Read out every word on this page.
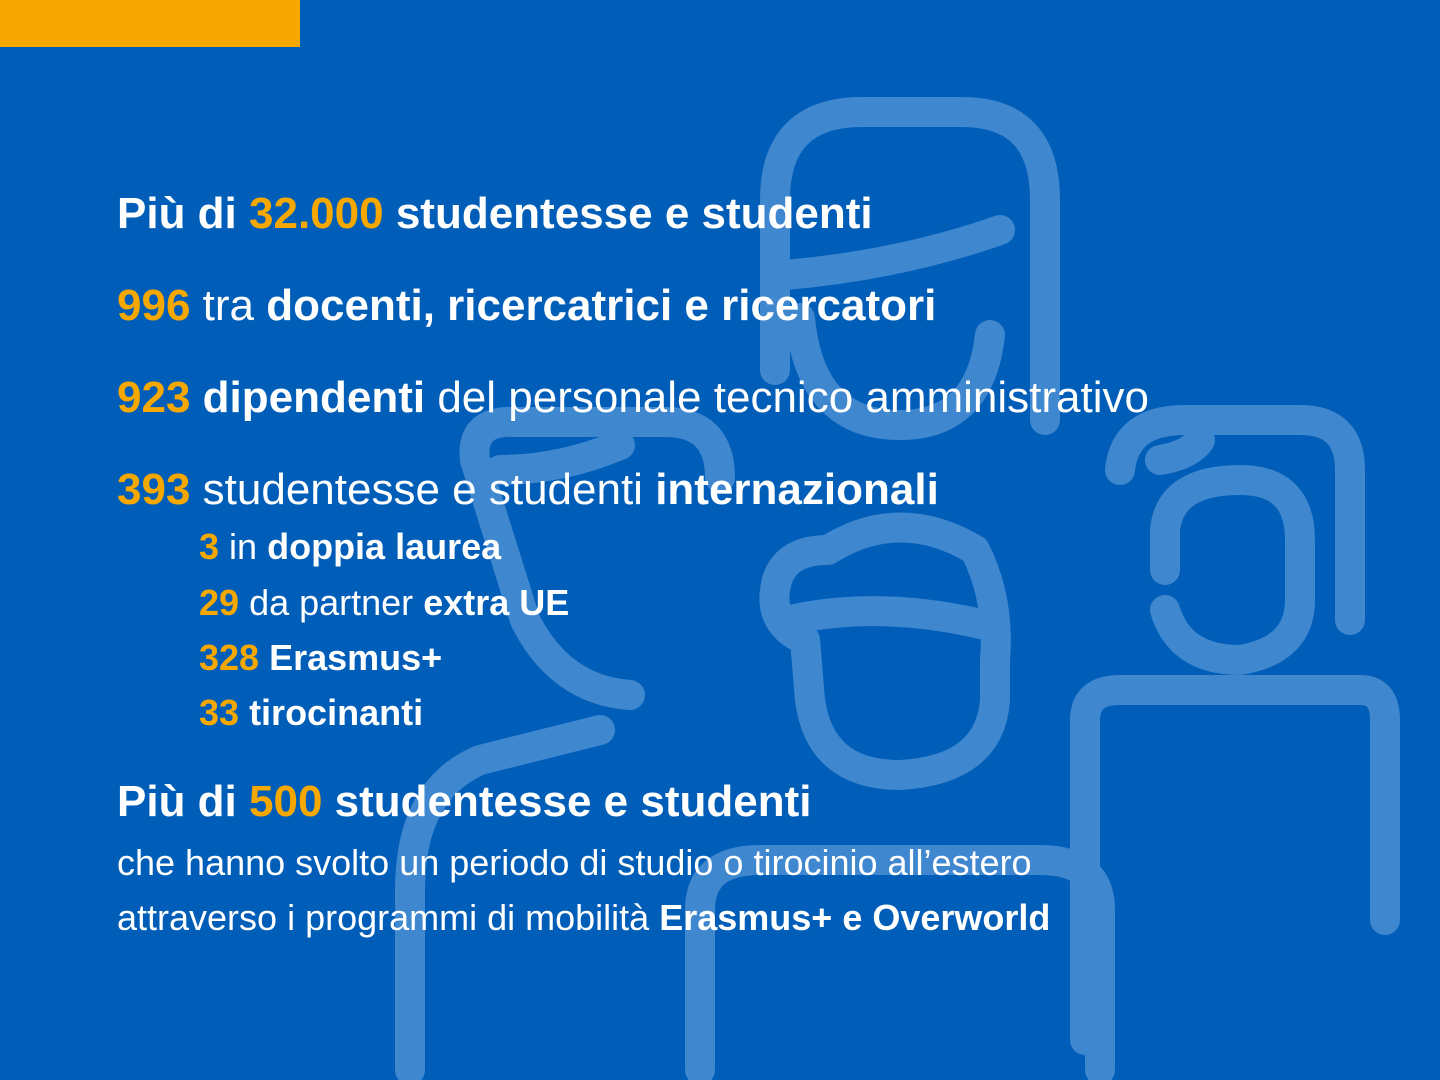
Più di 32.000 studentesse e studenti
996 tra docenti, ricercatrici e ricercatori
923 dipendenti del personale tecnico amministrativo
393 studentesse e studenti internazionali
3 in doppia laurea
29 da partner extra UE
328 Erasmus+
33 tirocinanti
Più di 500 studentesse e studenti
che hanno svolto un periodo di studio o tirocinio all’estero
attraverso i programmi di mobilità Erasmus+ e Overworld
